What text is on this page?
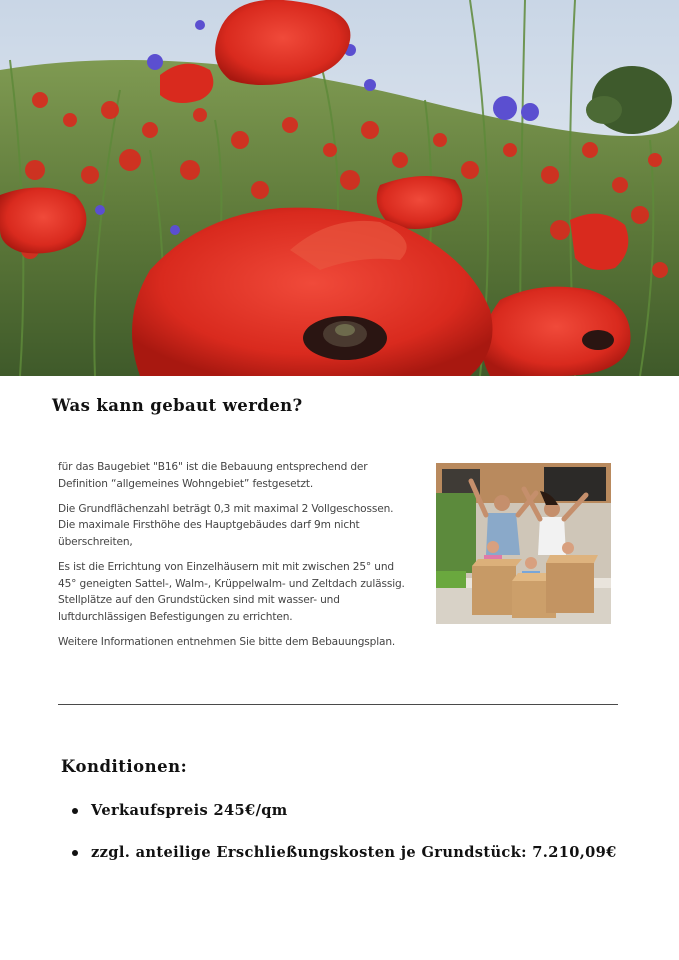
Was kann gebaut werden?

für das Baugebiet "B16" ist die Bebauung entsprechend der Definition “allgemeines Wohngebiet” festgesetzt.

Die Grundflächenzahl beträgt 0,3 mit maximal 2 Vollgeschossen. Die maximale Firsthöhe des Hauptgebäudes darf 9m nicht überschreiten,

Es ist die Errichtung von Einzelhäusern mit mit zwischen 25° und 45° geneigten Sattel-, Walm-, Krüppelwalm- und Zeltdach zulässig. Stellplätze auf den Grundstücken sind mit wasser- und luftdurchlässigen Befestigungen zu errichten.

Weitere Informationen entnehmen Sie bitte dem Bebauungsplan.

Konditionen:
Verkaufspreis 245€/qm
zzgl. anteilige Erschließungskosten je Grundstück: 7.210,09€
